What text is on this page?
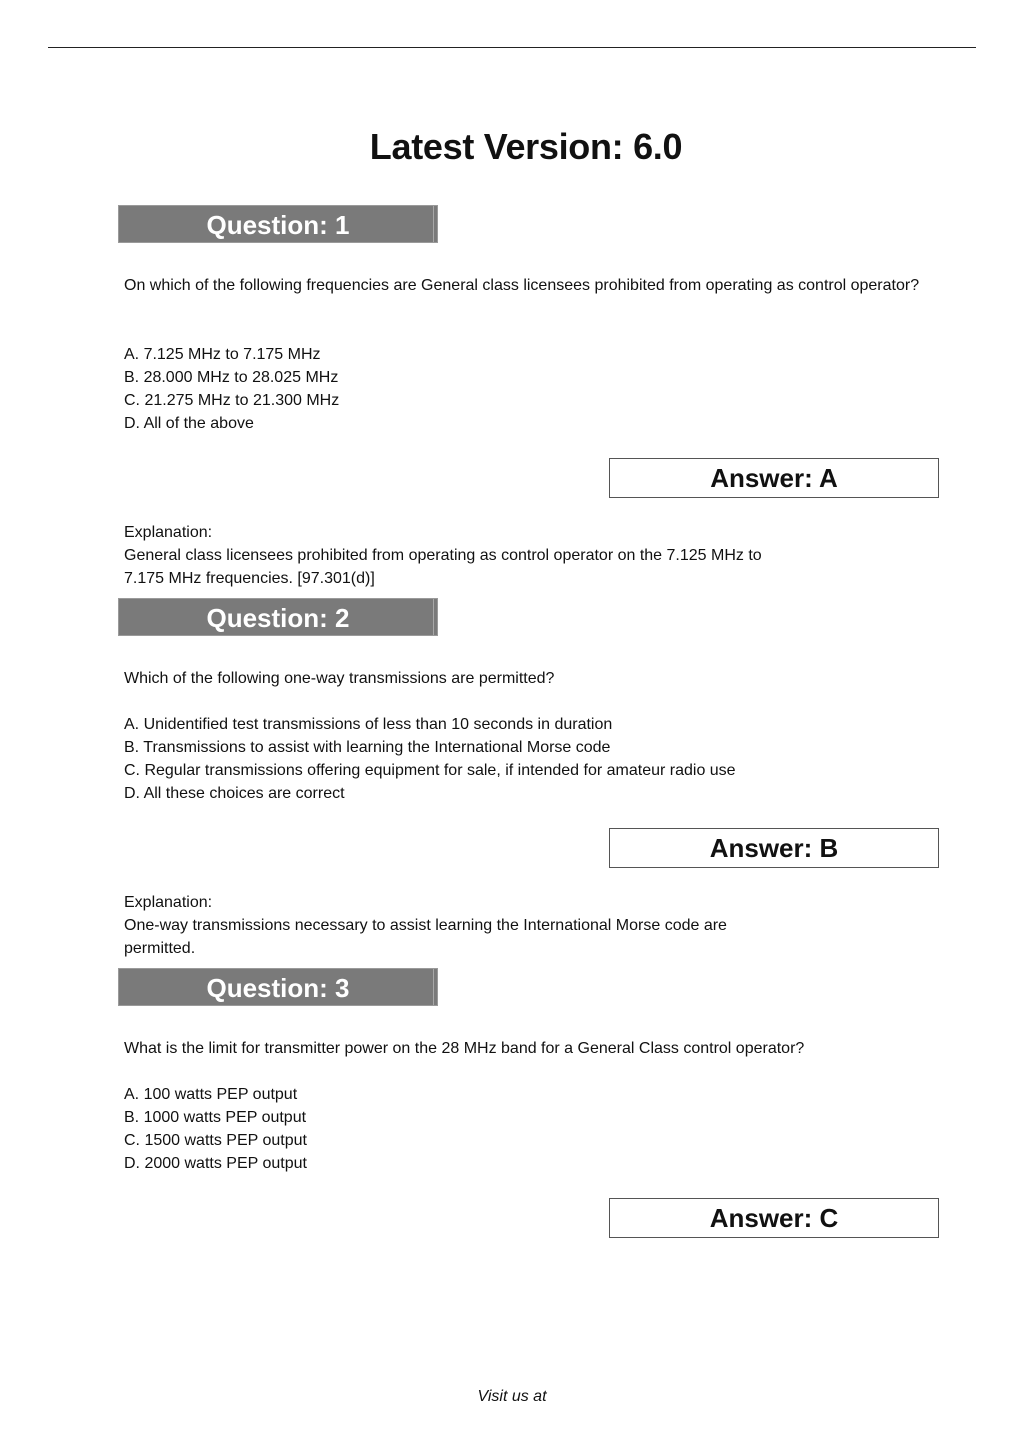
Latest Version: 6.0
Question: 1

On which of the following frequencies are General class licensees prohibited from operating as control operator?

A. 7.125 MHz to 7.175 MHz
B. 28.000 MHz to 28.025 MHz
C. 21.275 MHz to 21.300 MHz
D. All of the above
Answer: A
Explanation:
General class licensees prohibited from operating as control operator on the 7.125 MHz to
7.175 MHz frequencies. [97.301(d)]
Question: 2

Which of the following one-way transmissions are permitted?

A. Unidentified test transmissions of less than 10 seconds in duration
B. Transmissions to assist with learning the International Morse code
C. Regular transmissions offering equipment for sale, if intended for amateur radio use
D. All these choices are correct
Answer: B
Explanation:
One-way transmissions necessary to assist learning the International Morse code are
permitted.
Question: 3

What is the limit for transmitter power on the 28 MHz band for a General Class control operator?

A. 100 watts PEP output
B. 1000 watts PEP output
C. 1500 watts PEP output
D. 2000 watts PEP output
Answer: C
Visit us at
